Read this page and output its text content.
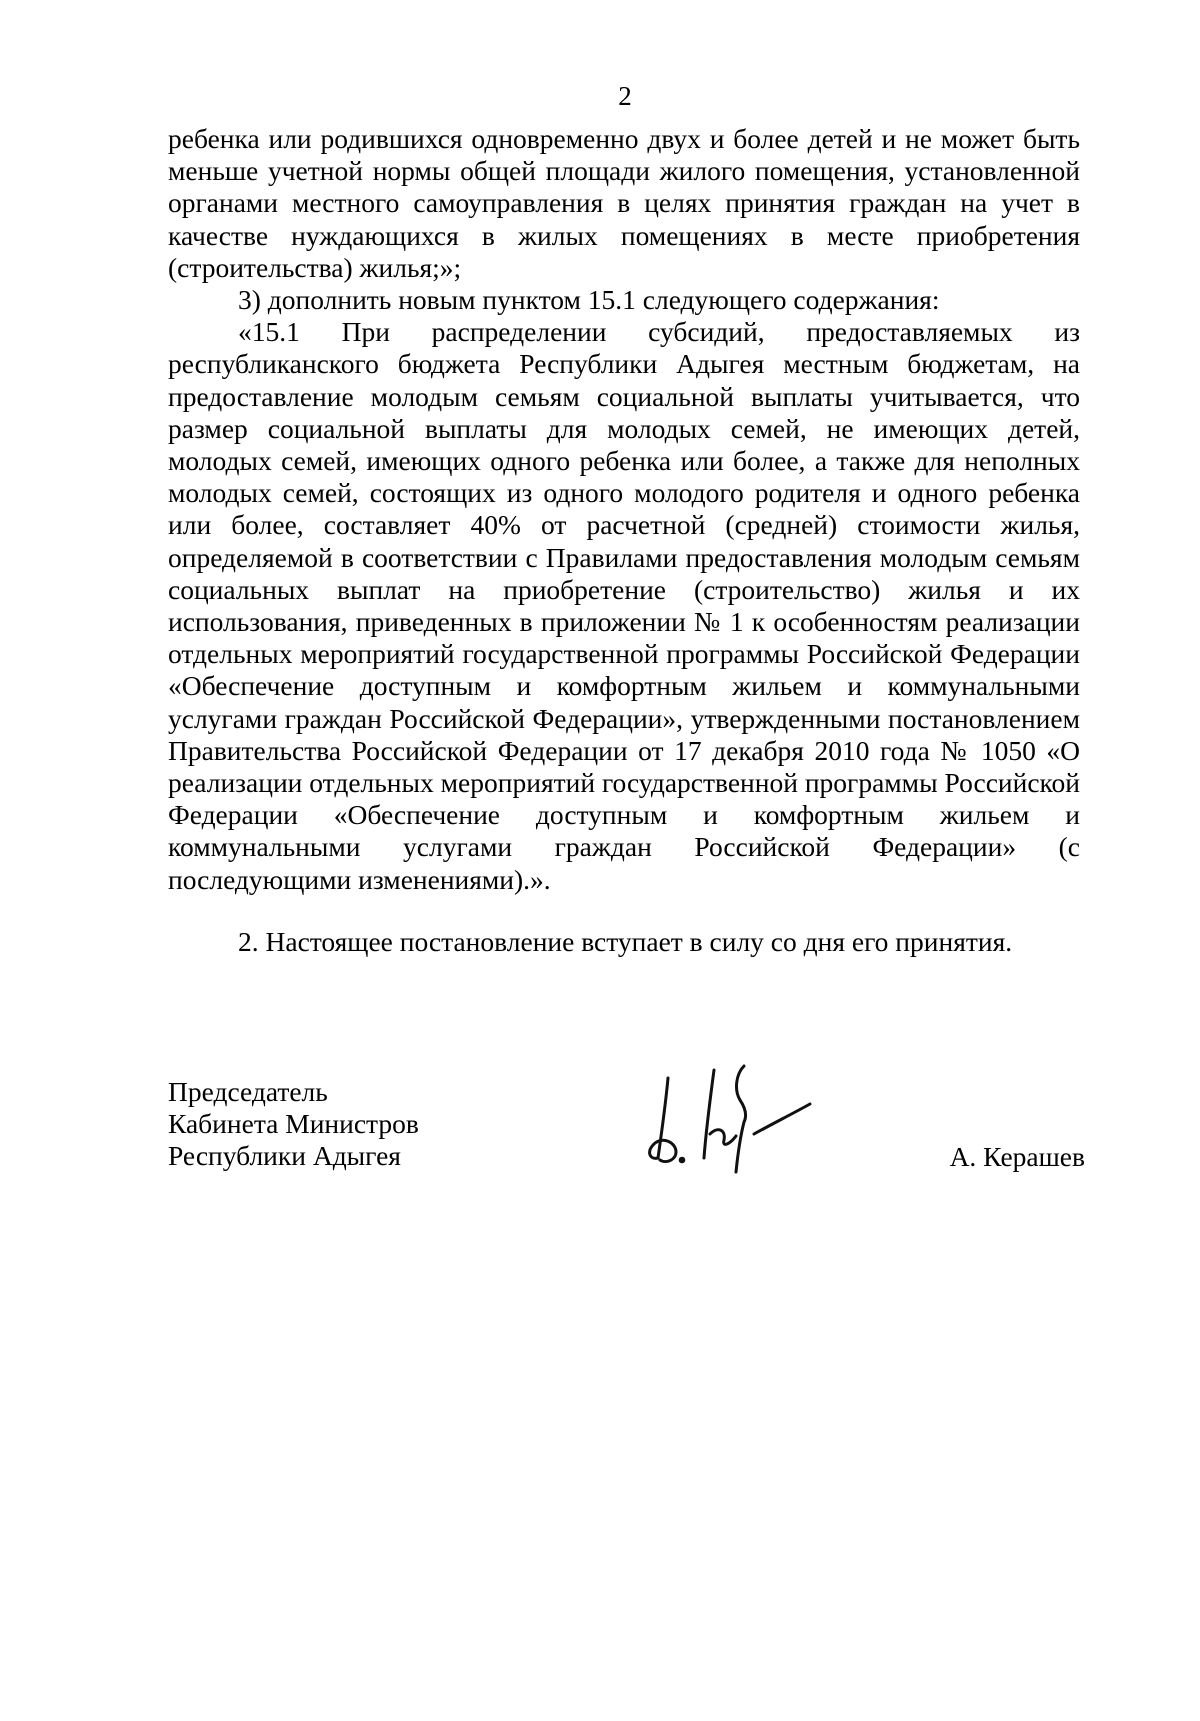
2

ребенка или родившихся одновременно двух и более детей и не может быть меньше учетной нормы общей площади жилого помещения, установленной органами местного самоуправления в целях принятия граждан на учет в качестве нуждающихся в жилых помещениях в месте приобретения (строительства) жилья;»;

3) дополнить новым пунктом 15.1 следующего содержания:

«15.1 При распределении субсидий, предоставляемых из республиканского бюджета Республики Адыгея местным бюджетам, на предоставление молодым семьям социальной выплаты учитывается, что размер социальной выплаты для молодых семей, не имеющих детей, молодых семей, имеющих одного ребенка или более, а также для неполных молодых семей, состоящих из одного молодого родителя и одного ребенка или более, составляет 40% от расчетной (средней) стоимости жилья, определяемой в соответствии с Правилами предоставления молодым семьям социальных выплат на приобретение (строительство) жилья и их использования, приведенных в приложении № 1 к особенностям реализации отдельных мероприятий государственной программы Российской Федерации «Обеспечение доступным и комфортным жильем и коммунальными услугами граждан Российской Федерации», утвержденными постановлением Правительства Российской Федерации от 17 декабря 2010 года № 1050 «О реализации отдельных мероприятий государственной программы Российской Федерации «Обеспечение доступным и комфортным жильем и коммунальными услугами граждан Российской Федерации» (с последующими изменениями).».

2. Настоящее постановление вступает в силу со дня его принятия.

Председатель
Кабинета Министров
Республики Адыгея	А. Керашев
